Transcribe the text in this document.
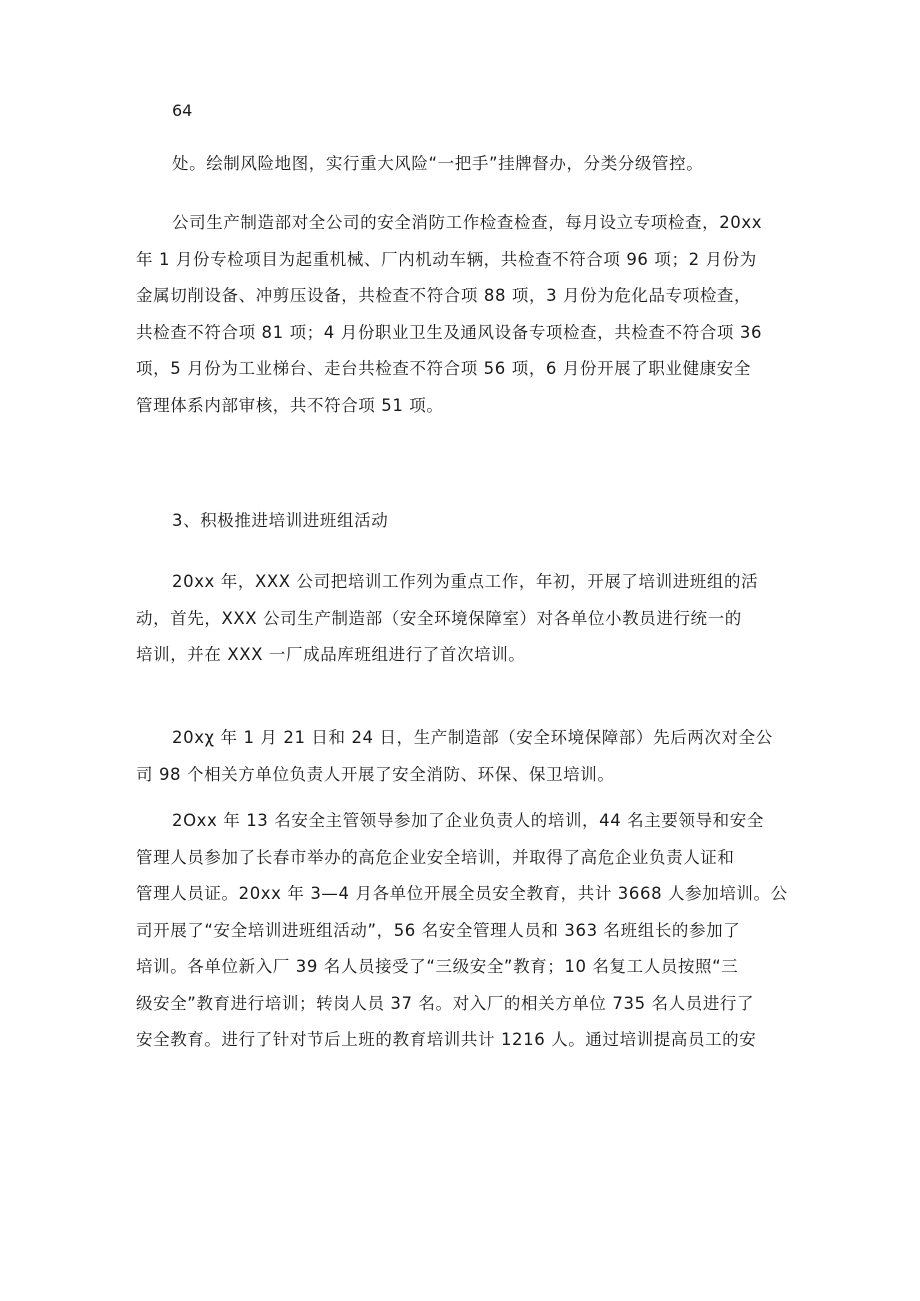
64
处。绘制风险地图，实行重大风险“一把手”挂牌督办，分类分级管控。
公司生产制造部对全公司的安全消防工作检查检查，每月设立专项检查，20xx
年 1 月份专检项目为起重机械、厂内机动车辆，共检查不符合项 96 项；2 月份为
金属切削设备、冲剪压设备，共检查不符合项 88 项，3 月份为危化品专项检查，
共检查不符合项 81 项；4 月份职业卫生及通风设备专项检查，共检查不符合项 36
项，5 月份为工业梯台、走台共检查不符合项 56 项，6 月份开展了职业健康安全
管理体系内部审核，共不符合项 51 项。
3、积极推进培训进班组活动
20xx 年，XXX 公司把培训工作列为重点工作，年初，开展了培训进班组的活
动，首先，XXX 公司生产制造部（安全环境保障室）对各单位小教员进行统一的
培训，并在 XXX 一厂成品库班组进行了首次培训。
20xχ 年 1 月 21 日和 24 日，生产制造部（安全环境保障部）先后两次对全公
司 98 个相关方单位负责人开展了安全消防、环保、保卫培训。
2Oxx 年 13 名安全主管领导参加了企业负责人的培训，44 名主要领导和安全
管理人员参加了长春市举办的高危企业安全培训，并取得了高危企业负责人证和
管理人员证。20xx 年 3—4 月各单位开展全员安全教育，共计 3668 人参加培训。公
司开展了“安全培训进班组活动”，56 名安全管理人员和 363 名班组长的参加了
培训。各单位新入厂 39 名人员接受了“三级安全”教育；10 名复工人员按照“三
级安全”教育进行培训；转岗人员 37 名。对入厂的相关方单位 735 名人员进行了
安全教育。进行了针对节后上班的教育培训共计 1216 人。通过培训提高员工的安
